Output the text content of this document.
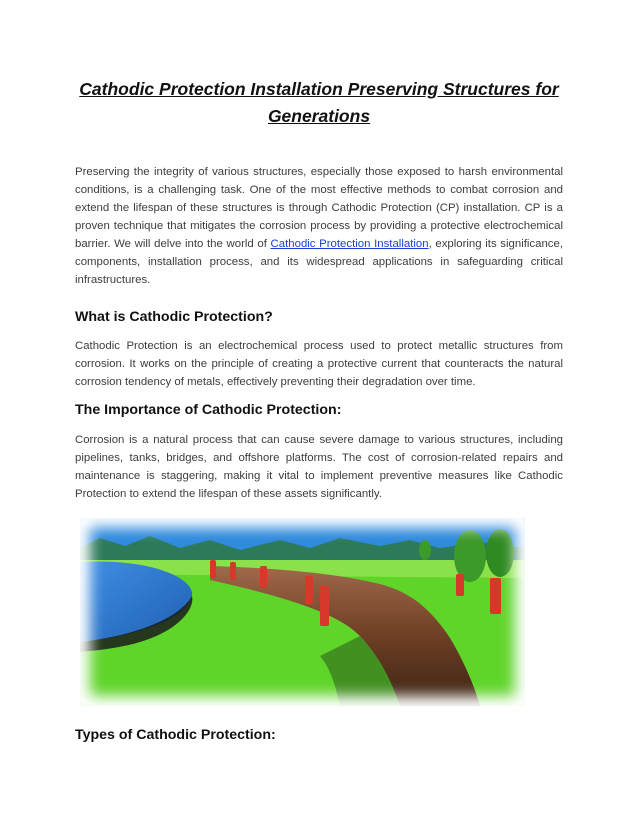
Cathodic Protection Installation Preserving Structures for Generations

Preserving the integrity of various structures, especially those exposed to harsh environmental conditions, is a challenging task. One of the most effective methods to combat corrosion and extend the lifespan of these structures is through Cathodic Protection (CP) installation. CP is a proven technique that mitigates the corrosion process by providing a protective electrochemical barrier. We will delve into the world of Cathodic Protection Installation, exploring its significance, components, installation process, and its widespread applications in safeguarding critical infrastructures.

What is Cathodic Protection?

Cathodic Protection is an electrochemical process used to protect metallic structures from corrosion. It works on the principle of creating a protective current that counteracts the natural corrosion tendency of metals, effectively preventing their degradation over time.

The Importance of Cathodic Protection:

Corrosion is a natural process that can cause severe damage to various structures, including pipelines, tanks, bridges, and offshore platforms. The cost of corrosion-related repairs and maintenance is staggering, making it vital to implement preventive measures like Cathodic Protection to extend the lifespan of these assets significantly.

Types of Cathodic Protection:
